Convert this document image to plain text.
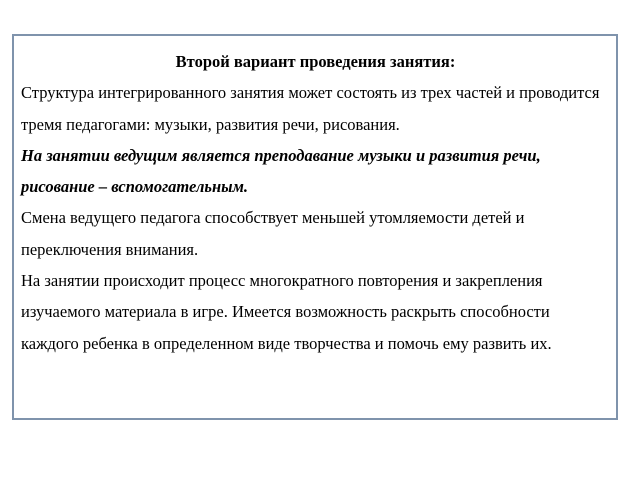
Второй вариант проведения занятия:

Структура интегрированного занятия может состоять из трех частей и проводится тремя педагогами: музыки, развития речи, рисования.

На занятии ведущим является преподавание музыки и развития речи, рисование – вспомогательным.

Смена ведущего педагога способствует меньшей утомляемости детей и переключения внимания.

На занятии происходит процесс многократного повторения и закрепления изучаемого материала в игре. Имеется возможность раскрыть способности каждого ребенка в определенном виде творчества и помочь ему развить их.
